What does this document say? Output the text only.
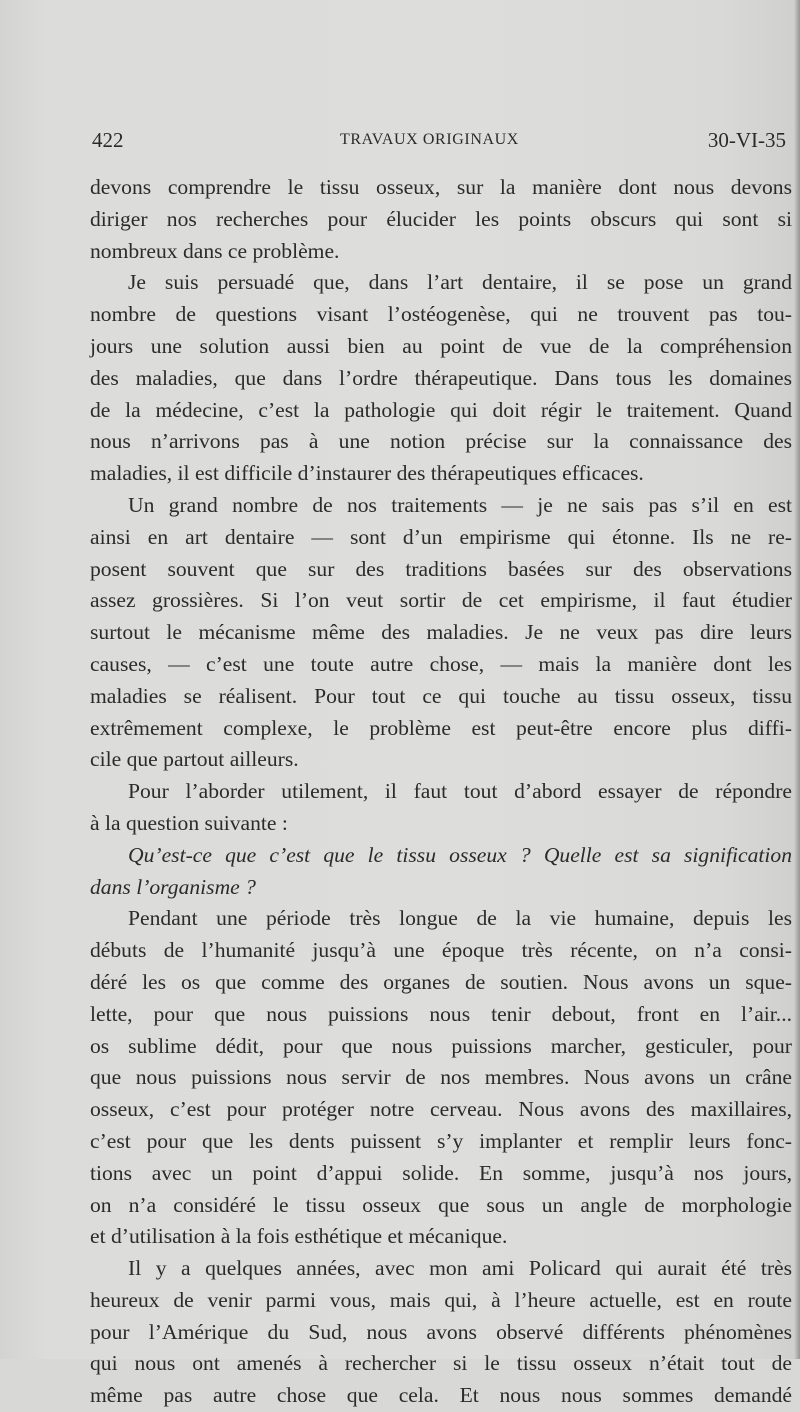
422	TRAVAUX ORIGINAUX	30-VI-35
devons comprendre le tissu osseux, sur la manière dont nous devons
diriger nos recherches pour élucider les points obscurs qui sont si
nombreux dans ce problème.
Je suis persuadé que, dans l’art dentaire, il se pose un grand
nombre de questions visant l’ostéogenèse, qui ne trouvent pas tou-
jours une solution aussi bien au point de vue de la compréhension
des maladies, que dans l’ordre thérapeutique. Dans tous les domaines
de la médecine, c’est la pathologie qui doit régir le traitement. Quand
nous n’arrivons pas à une notion précise sur la connaissance des
maladies, il est difficile d’instaurer des thérapeutiques efficaces.
Un grand nombre de nos traitements — je ne sais pas s’il en est
ainsi en art dentaire — sont d’un empirisme qui étonne. Ils ne re-
posent souvent que sur des traditions basées sur des observations
assez grossières. Si l’on veut sortir de cet empirisme, il faut étudier
surtout le mécanisme même des maladies. Je ne veux pas dire leurs
causes, — c’est une toute autre chose, — mais la manière dont les
maladies se réalisent. Pour tout ce qui touche au tissu osseux, tissu
extrêmement complexe, le problème est peut-être encore plus diffi-
cile que partout ailleurs.
Pour l’aborder utilement, il faut tout d’abord essayer de répondre
à la question suivante :
Qu’est-ce que c’est que le tissu osseux ? Quelle est sa signification
dans l’organisme ?
Pendant une période très longue de la vie humaine, depuis les
débuts de l’humanité jusqu’à une époque très récente, on n’a consi-
déré les os que comme des organes de soutien. Nous avons un sque-
lette, pour que nous puissions nous tenir debout, front en l’air...
os sublime dédit, pour que nous puissions marcher, gesticuler, pour
que nous puissions nous servir de nos membres. Nous avons un crâne
osseux, c’est pour protéger notre cerveau. Nous avons des maxillaires,
c’est pour que les dents puissent s’y implanter et remplir leurs fonc-
tions avec un point d’appui solide. En somme, jusqu’à nos jours,
on n’a considéré le tissu osseux que sous un angle de morphologie
et d’utilisation à la fois esthétique et mécanique.
Il y a quelques années, avec mon ami Policard qui aurait été très
heureux de venir parmi vous, mais qui, à l’heure actuelle, est en route
pour l’Amérique du Sud, nous avons observé différents phénomènes
qui nous ont amenés à rechercher si le tissu osseux n’était tout de
même pas autre chose que cela. Et nous nous sommes demandé
